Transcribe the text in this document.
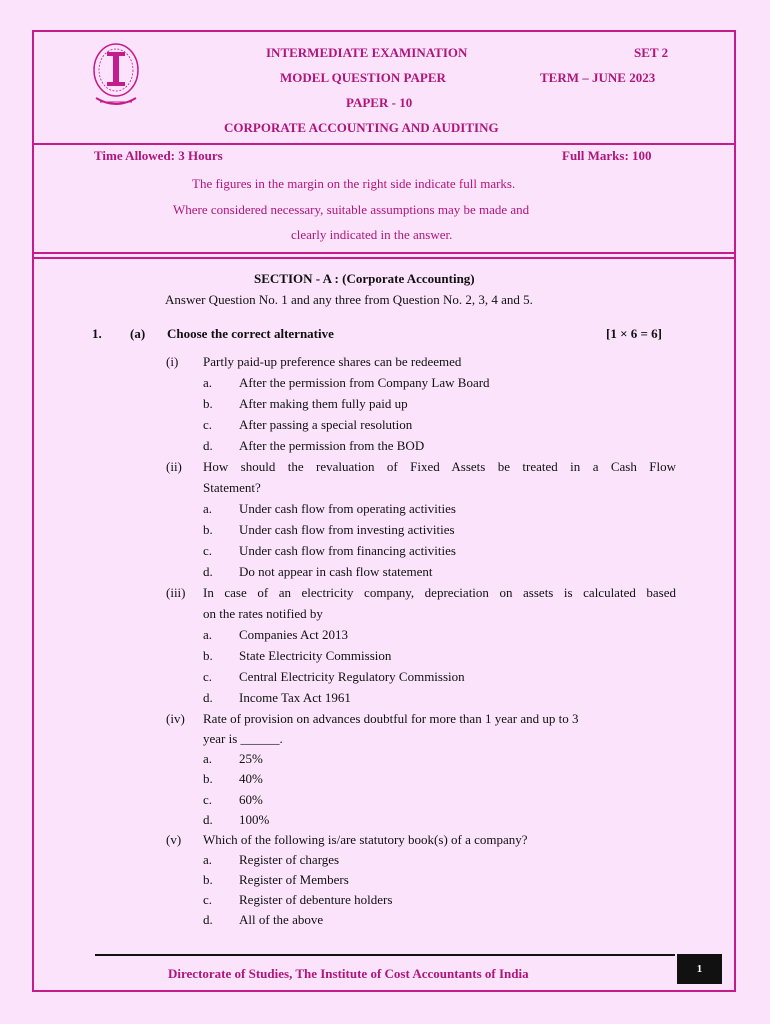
INTERMEDIATE EXAMINATION	SET 2
MODEL QUESTION PAPER	TERM – JUNE 2023
PAPER - 10
CORPORATE ACCOUNTING AND AUDITING
Time Allowed: 3 Hours	Full Marks: 100
The figures in the margin on the right side indicate full marks.
Where considered necessary, suitable assumptions may be made and
clearly indicated in the answer.
SECTION - A : (Corporate Accounting)
Answer Question No. 1 and any three from Question No. 2, 3, 4 and 5.
1. (a) Choose the correct alternative	[1 × 6 = 6]
(i) Partly paid-up preference shares can be redeemed
a. After the permission from Company Law Board
b. After making them fully paid up
c. After passing a special resolution
d. After the permission from the BOD
(ii) How should the revaluation of Fixed Assets be treated in a Cash Flow
Statement?
a. Under cash flow from operating activities
b. Under cash flow from investing activities
c. Under cash flow from financing activities
d. Do not appear in cash flow statement
(iii) In case of an electricity company, depreciation on assets is calculated based
on the rates notified by
a. Companies Act 2013
b. State Electricity Commission
c. Central Electricity Regulatory Commission
d. Income Tax Act 1961
(iv) Rate of provision on advances doubtful for more than 1 year and up to 3
year is ______.
a. 25%
b. 40%
c. 60%
d. 100%
(v) Which of the following is/are statutory book(s) of a company?
a. Register of charges
b. Register of Members
c. Register of debenture holders
d. All of the above
Directorate of Studies, The Institute of Cost Accountants of India	1
